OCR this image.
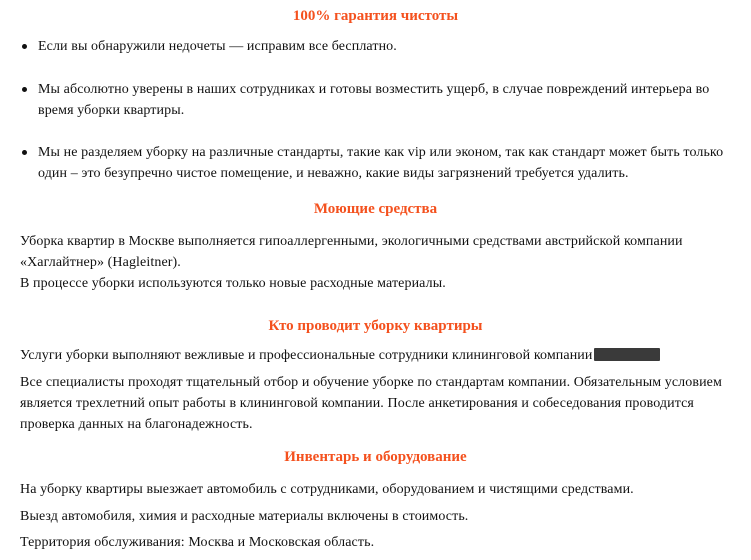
100% гарантия чистоты
Если вы обнаружили недочеты — исправим все бесплатно.
Мы абсолютно уверены в наших сотрудниках и готовы возместить ущерб, в случае повреждений интерьера во время уборки квартиры.
Мы не разделяем уборку на различные стандарты, такие как vip или эконом, так как стандарт может быть только один – это безупречно чистое помещение, и неважно, какие виды загрязнений требуется удалить.
Моющие средства
Уборка квартир в Москве выполняется гипоаллергенными, экологичными средствами австрийской компании «Хаглайтнер» (Hagleitner).
В процессе уборки используются только новые расходные материалы.
Кто проводит уборку квартиры
Услуги уборки выполняют вежливые и профессиональные сотрудники клининговой компании
Все специалисты проходят тщательный отбор и обучение уборке по стандартам компании. Обязательным условием является трехлетний опыт работы в клининговой компании. После анкетирования и собеседования проводится проверка данных на благонадежность.
Инвентарь и оборудование
На уборку квартиры выезжает автомобиль с сотрудниками, оборудованием и чистящими средствами.
Выезд автомобиля, химия и расходные материалы включены в стоимость.
Территория обслуживания: Москва и Московская область.
